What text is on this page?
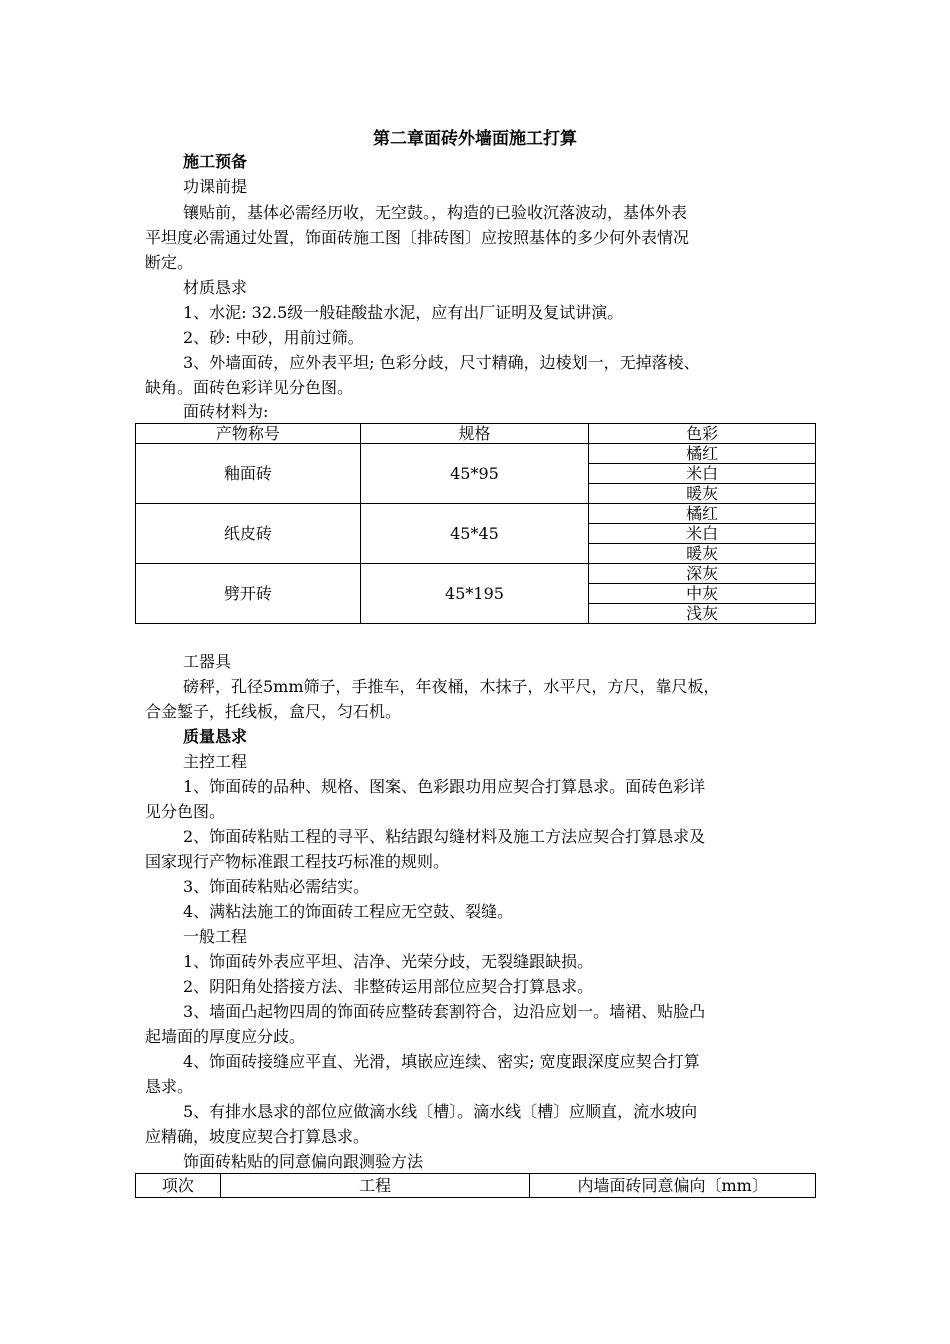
第二章面砖外墙面施工打算
施工预备
功课前提
镶贴前，基体必需经历收，无空鼓。，构造的已验收沉落波动，基体外表
平坦度必需通过处置，饰面砖施工图〔排砖图〕应按照基体的多少何外表情况
断定。
材质恳求
1、水泥: 32.5级一般硅酸盐水泥，应有出厂证明及复试讲演。
2、砂: 中砂，用前过筛。
3、外墙面砖，应外表平坦; 色彩分歧，尺寸精确，边棱划一，无掉落棱、
缺角。面砖色彩详见分色图。
面砖材料为:
产物称号	规格	色彩
釉面砖	45*95	橘红
		米白
		暖灰
纸皮砖	45*45	橘红
		米白
		暖灰
劈开砖	45*195	深灰
		中灰
		浅灰
工器具
磅秤，孔径5mm筛子，手推车，年夜桶，木抹子，水平尺，方尺，靠尺板，
合金錾子，托线板，盒尺，匀石机。
质量恳求
主控工程
1、饰面砖的品种、规格、图案、色彩跟功用应契合打算恳求。面砖色彩详
见分色图。
2、饰面砖粘贴工程的寻平、粘结跟勾缝材料及施工方法应契合打算恳求及
国家现行产物标准跟工程技巧标准的规则。
3、饰面砖粘贴必需结实。
4、满粘法施工的饰面砖工程应无空鼓、裂缝。
一般工程
1、饰面砖外表应平坦、洁净、光荣分歧，无裂缝跟缺损。
2、阴阳角处搭接方法、非整砖运用部位应契合打算恳求。
3、墙面凸起物四周的饰面砖应整砖套割符合，边沿应划一。墙裙、贴脸凸
起墙面的厚度应分歧。
4、饰面砖接缝应平直、光滑，填嵌应连续、密实; 宽度跟深度应契合打算
恳求。
5、有排水恳求的部位应做滴水线〔槽〕。滴水线〔槽〕应顺直，流水坡向
应精确，坡度应契合打算恳求。
饰面砖粘贴的同意偏向跟测验方法
项次	工程	内墙面砖同意偏向〔mm〕
